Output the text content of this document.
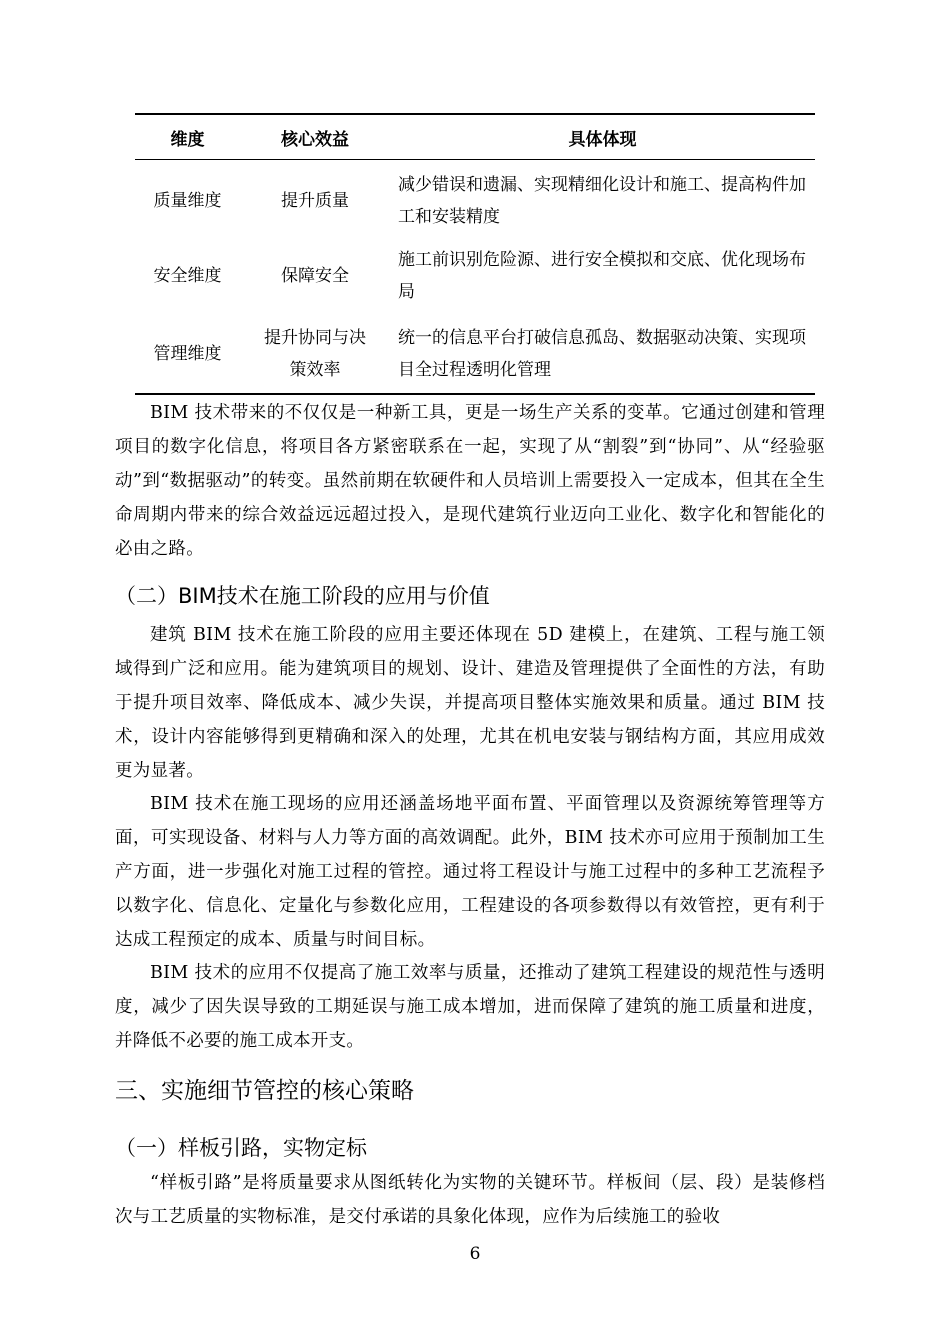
维度	核心效益	具体体现
质量维度	提升质量	减少错误和遗漏、实现精细化设计和施工、提高构件加工和安装精度
安全维度	保障安全	施工前识别危险源、进行安全模拟和交底、优化现场布局
管理维度	提升协同与决策效率	统一的信息平台打破信息孤岛、数据驱动决策、实现项目全过程透明化管理

BIM 技术带来的不仅仅是一种新工具，更是一场生产关系的变革。它通过创建和管理项目的数字化信息，将项目各方紧密联系在一起，实现了从“割裂”到“协同”、从“经验驱动”到“数据驱动”的转变。虽然前期在软硬件和人员培训上需要投入一定成本，但其在全生命周期内带来的综合效益远远超过投入，是现代建筑行业迈向工业化、数字化和智能化的必由之路。

（二）BIM技术在施工阶段的应用与价值

建筑 BIM 技术在施工阶段的应用主要还体现在 5D 建模上，在建筑、工程与施工领域得到广泛和应用。能为建筑项目的规划、设计、建造及管理提供了全面性的方法，有助于提升项目效率、降低成本、减少失误，并提高项目整体实施效果和质量。通过 BIM 技术，设计内容能够得到更精确和深入的处理，尤其在机电安装与钢结构方面，其应用成效更为显著。

BIM 技术在施工现场的应用还涵盖场地平面布置、平面管理以及资源统筹管理等方面，可实现设备、材料与人力等方面的高效调配。此外，BIM 技术亦可应用于预制加工生产方面，进一步强化对施工过程的管控。通过将工程设计与施工过程中的多种工艺流程予以数字化、信息化、定量化与参数化应用，工程建设的各项参数得以有效管控，更有利于达成工程预定的成本、质量与时间目标。

BIM 技术的应用不仅提高了施工效率与质量，还推动了建筑工程建设的规范性与透明度，减少了因失误导致的工期延误与施工成本增加，进而保障了建筑的施工质量和进度，并降低不必要的施工成本开支。

三、实施细节管控的核心策略
（一）样板引路，实物定标

“样板引路”是将质量要求从图纸转化为实物的关键环节。样板间（层、段）是装修档次与工艺质量的实物标准，是交付承诺的具象化体现，应作为后续施工的验收

6
